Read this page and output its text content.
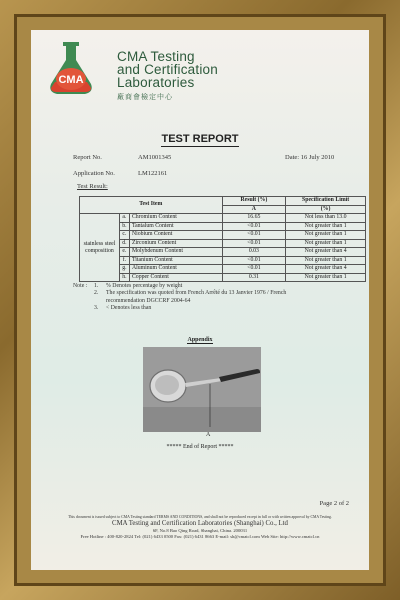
CMA
CMA Testing
and Certification
Laboratories
廠商會檢定中心
TEST REPORT
Report No.	AM1001345	Date: 16 July 2010
Application No.	LM122161
Test Result:
Test Item			Result (%)	Specification Limit
			A	(%)
stainless steel composition	a.	Chromium Content	16.65	Not less than 13.0
	b.	Tantalum Content	<0.01	Not greater than 1
	c.	Niobium Content	<0.01	Not greater than 1
	d.	Zirconium Content	<0.01	Not greater than 1
	e.	Molybdenum Content	0.03	Not greater than 4
	f.	Titanium Content	<0.01	Not greater than 1
	g.	Aluminum Content	<0.01	Not greater than 4
	h.	Copper Content	0.31	Not greater than 1
Note :	1.	% Denotes percentage by weight
2.	The specification was quoted from French Arrêté du 13 Janvier 1976 / French
recommendation DGCCRF 2004-64
3.	< Denotes less than
Appendix
A
***** End of Report *****
Page 2 of 2
This document is issued subject to CMA Testing standard TERMS AND CONDITIONS, and shall not be reproduced except in full or with written approval by CMA Testing.
CMA Testing and Certification Laboratories (Shanghai) Co., Ltd
6F, No.8 Bao Qing Road, Shanghai, China. 200031
Free Hotline : 400-820-2824 Tel: (021) 6433 0500 Fax: (021) 6431 8663 E-mail: sh@cmatcl.com Web Site: http://www.cmatcl.cn
